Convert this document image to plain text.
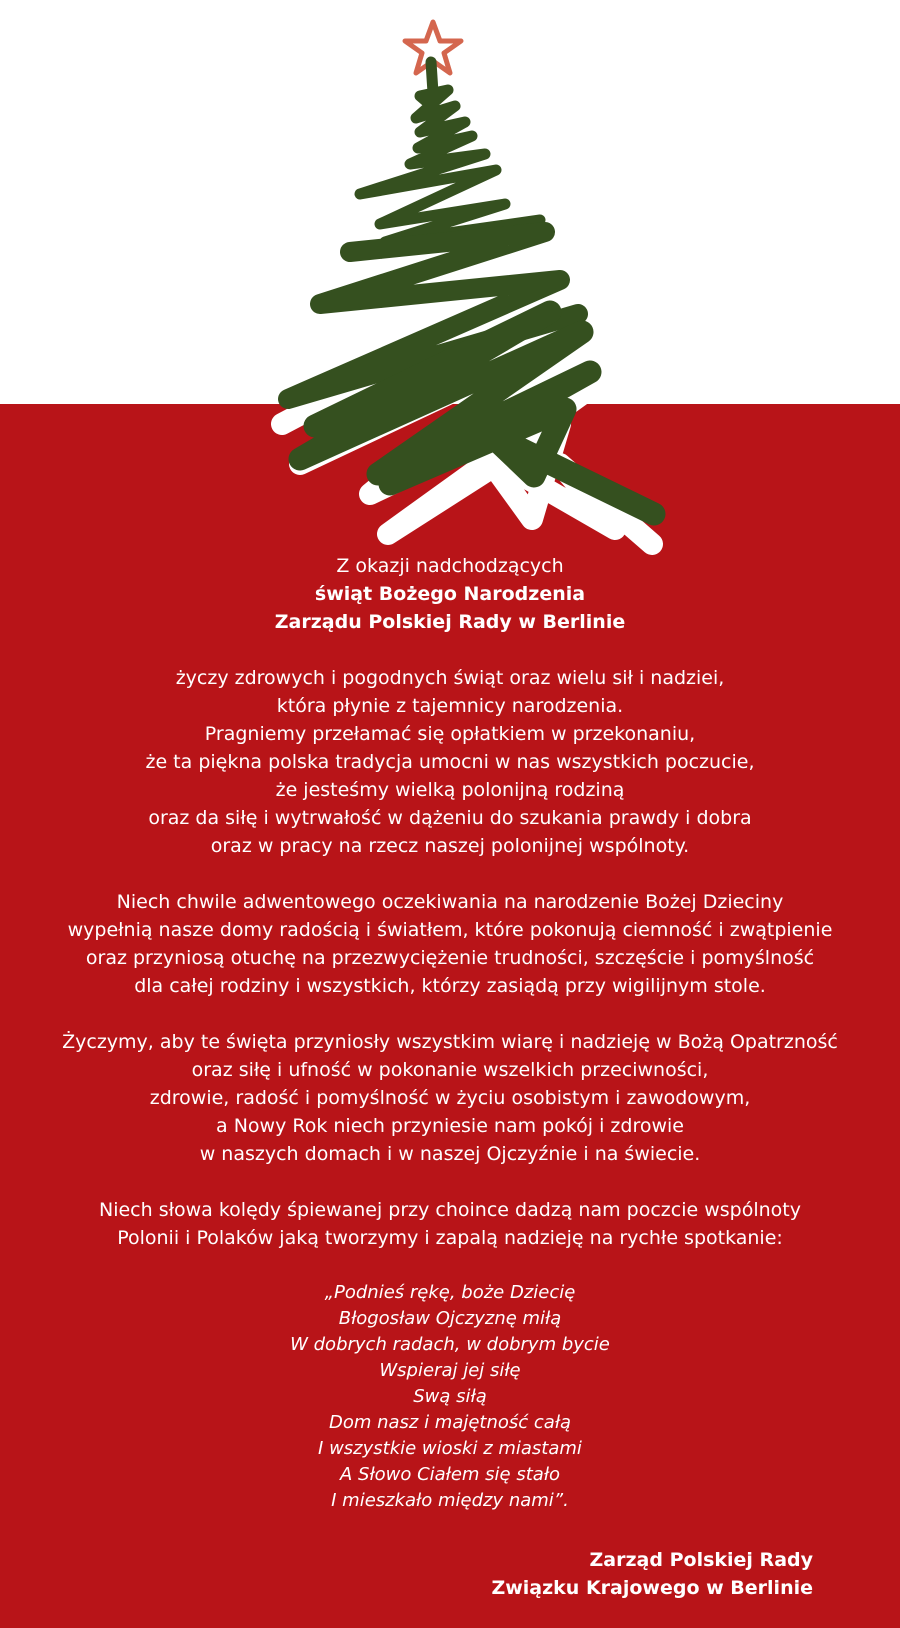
Z okazji nadchodzących
świąt Bożego Narodzenia
Zarządu Polskiej Rady w Berlinie
życzy zdrowych i pogodnych świąt oraz wielu sił i nadziei,
która płynie z tajemnicy narodzenia.
Pragniemy przełamać się opłatkiem w przekonaniu,
że ta piękna polska tradycja umocni w nas wszystkich poczucie,
że jesteśmy wielką polonijną rodziną
oraz da siłę i wytrwałość w dążeniu do szukania prawdy i dobra
oraz w pracy na rzecz naszej polonijnej wspólnoty.
Niech chwile adwentowego oczekiwania na narodzenie Bożej Dzieciny
wypełnią nasze domy radością i światłem, które pokonują ciemność i zwątpienie
oraz przyniosą otuchę na przezwyciężenie trudności, szczęście i pomyślność
dla całej rodziny i wszystkich, którzy zasiądą przy wigilijnym stole.
Życzymy, aby te święta przyniosły wszystkim wiarę i nadzieję w Bożą Opatrzność
oraz siłę i ufność w pokonanie wszelkich przeciwności,
zdrowie, radość i pomyślność w życiu osobistym i zawodowym,
a Nowy Rok niech przyniesie nam pokój i zdrowie
w naszych domach i w naszej Ojczyźnie i na świecie.
Niech słowa kolędy śpiewanej przy choince dadzą nam poczcie wspólnoty
Polonii i Polaków jaką tworzymy i zapalą nadzieję na rychłe spotkanie:
„Podnieś rękę, boże Dziecię
Błogosław Ojczyznę miłą
W dobrych radach, w dobrym bycie
Wspieraj jej siłę
Swą siłą
Dom nasz i majętność całą
I wszystkie wioski z miastami
A Słowo Ciałem się stało
I mieszkało między nami”.
Zarząd Polskiej Rady
Związku Krajowego w Berlinie
